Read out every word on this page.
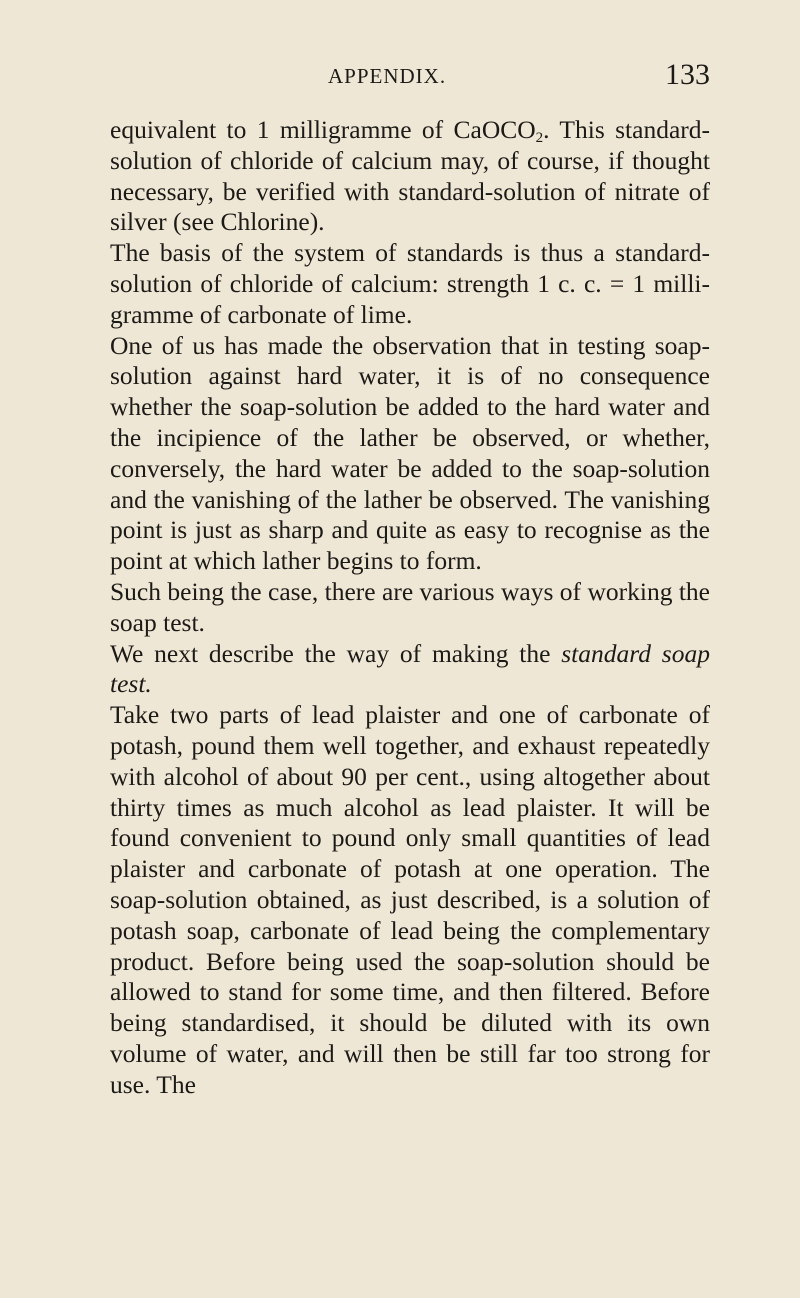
APPENDIX.	133

equivalent to 1 milligramme of CaOCO$_2$. This standard-solution of chloride of calcium may, of course, if thought necessary, be verified with standard-solution of nitrate of silver (see Chlorine).

The basis of the system of standards is thus a standard-solution of chloride of calcium: strength 1 c. c. = 1 milli-gramme of carbonate of lime.

One of us has made the observation that in testing soap-solution against hard water, it is of no consequence whether the soap-solution be added to the hard water and the incipience of the lather be observed, or whether, conversely, the hard water be added to the soap-solution and the vanishing of the lather be observed. The vanishing point is just as sharp and quite as easy to recognise as the point at which lather begins to form.

Such being the case, there are various ways of working the soap test.

We next describe the way of making the standard soap test.

Take two parts of lead plaister and one of carbonate of potash, pound them well together, and exhaust repeatedly with alcohol of about 90 per cent., using altogether about thirty times as much alcohol as lead plaister. It will be found convenient to pound only small quantities of lead plaister and carbonate of potash at one operation. The soap-solution obtained, as just described, is a solution of potash soap, carbonate of lead being the complementary product. Before being used the soap-solution should be allowed to stand for some time, and then filtered. Before being standardised, it should be diluted with its own volume of water, and will then be still far too strong for use. The
